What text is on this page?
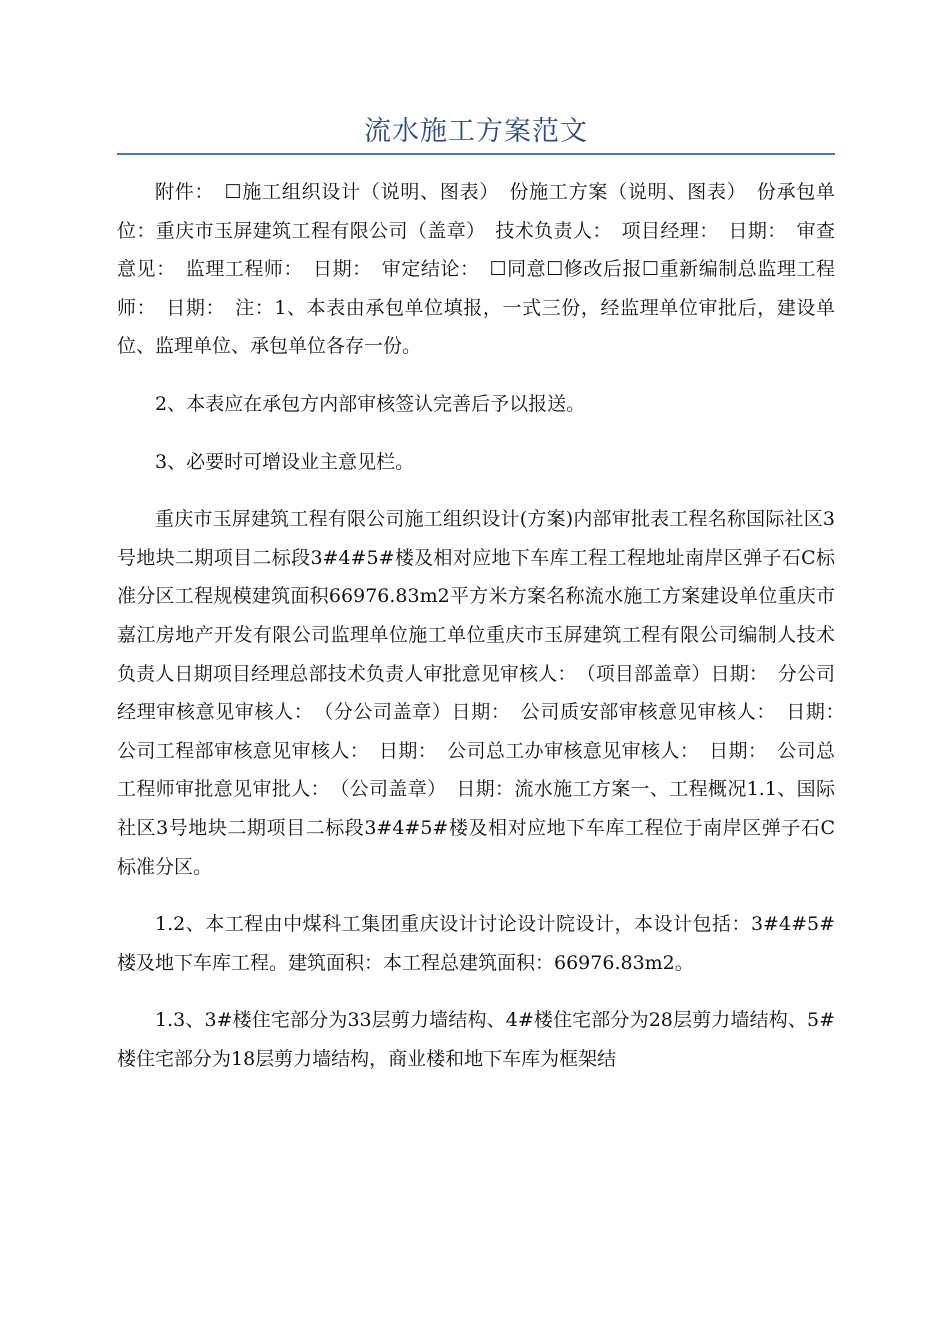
流水施工方案范文

附件：　☐施工组织设计（说明、图表）　份施工方案（说明、图表）　份承包单位：重庆市玉屏建筑工程有限公司（盖章）　技术负责人：　项目经理：　日期：　审查意见：　监理工程师：　日期：　审定结论：　☐同意☐修改后报☐重新编制总监理工程师：　日期：　注：1、本表由承包单位填报，一式三份，经监理单位审批后，建设单位、监理单位、承包单位各存一份。

2、本表应在承包方内部审核签认完善后予以报送。

3、必要时可增设业主意见栏。

重庆市玉屏建筑工程有限公司施工组织设计(方案)内部审批表工程名称国际社区3号地块二期项目二标段3#4#5#楼及相对应地下车库工程工程地址南岸区弹子石C标准分区工程规模建筑面积66976.83m2平方米方案名称流水施工方案建设单位重庆市嘉江房地产开发有限公司监理单位施工单位重庆市玉屏建筑工程有限公司编制人技术负责人日期项目经理总部技术负责人审批意见审核人：　（项目部盖章）日期：　分公司经理审核意见审核人：　（分公司盖章）日期：　公司质安部审核意见审核人：　日期：　公司工程部审核意见审核人：　日期：　公司总工办审核意见审核人：　日期：　公司总工程师审批意见审批人：　（公司盖章）　日期：流水施工方案一、工程概况1.1、国际社区3号地块二期项目二标段3#4#5#楼及相对应地下车库工程位于南岸区弹子石C标准分区。

1.2、本工程由中煤科工集团重庆设计讨论设计院设计，本设计包括：3#4#5#楼及地下车库工程。建筑面积：本工程总建筑面积：66976.83m2。

1.3、3#楼住宅部分为33层剪力墙结构、4#楼住宅部分为28层剪力墙结构、5#楼住宅部分为18层剪力墙结构，商业楼和地下车库为框架结
